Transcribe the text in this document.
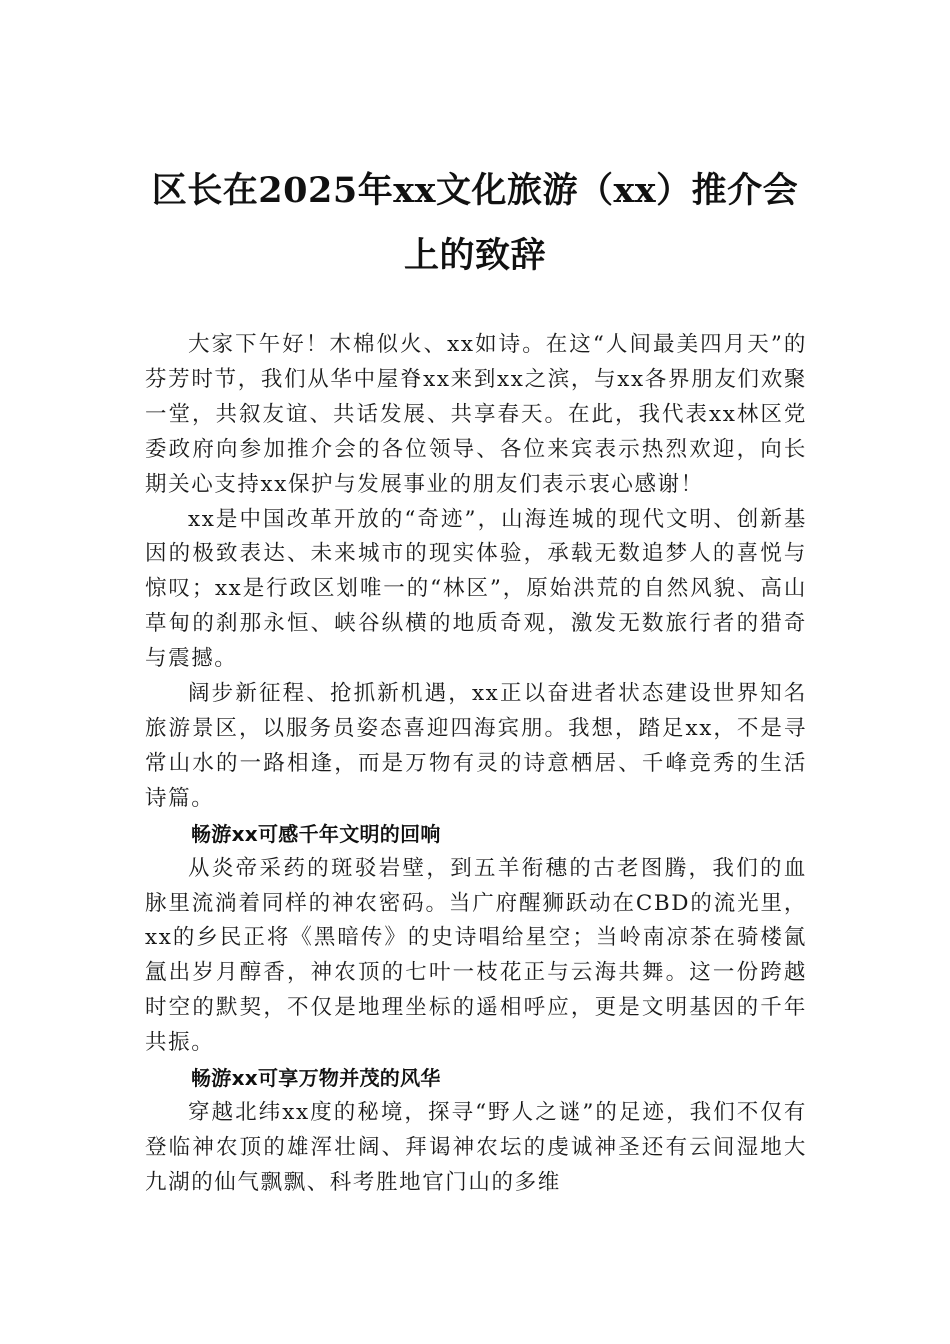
区长在2025年xx文化旅游（xx）推介会上的致辞

大家下午好！木棉似火、xx如诗。在这“人间最美四月天”的芬芳时节，我们从华中屋脊xx来到xx之滨，与xx各界朋友们欢聚一堂，共叙友谊、共话发展、共享春天。在此，我代表xx林区党委政府向参加推介会的各位领导、各位来宾表示热烈欢迎，向长期关心支持xx保护与发展事业的朋友们表示衷心感谢！

xx是中国改革开放的“奇迹”，山海连城的现代文明、创新基因的极致表达、未来城市的现实体验，承载无数追梦人的喜悦与惊叹；xx是行政区划唯一的“林区”，原始洪荒的自然风貌、高山草甸的刹那永恒、峡谷纵横的地质奇观，激发无数旅行者的猎奇与震撼。

阔步新征程、抢抓新机遇，xx正以奋进者状态建设世界知名旅游景区，以服务员姿态喜迎四海宾朋。我想，踏足xx，不是寻常山水的一路相逢，而是万物有灵的诗意栖居、千峰竞秀的生活诗篇。

畅游xx可感千年文明的回响

从炎帝采药的斑驳岩壁，到五羊衔穗的古老图腾，我们的血脉里流淌着同样的神农密码。当广府醒狮跃动在CBD的流光里，xx的乡民正将《黑暗传》的史诗唱给星空；当岭南凉茶在骑楼氤氲出岁月醇香，神农顶的七叶一枝花正与云海共舞。这一份跨越时空的默契，不仅是地理坐标的遥相呼应，更是文明基因的千年共振。

畅游xx可享万物并茂的风华

穿越北纬xx度的秘境，探寻“野人之谜”的足迹，我们不仅有登临神农顶的雄浑壮阔、拜谒神农坛的虔诚神圣还有云间湿地大九湖的仙气飘飘、科考胜地官门山的多维
